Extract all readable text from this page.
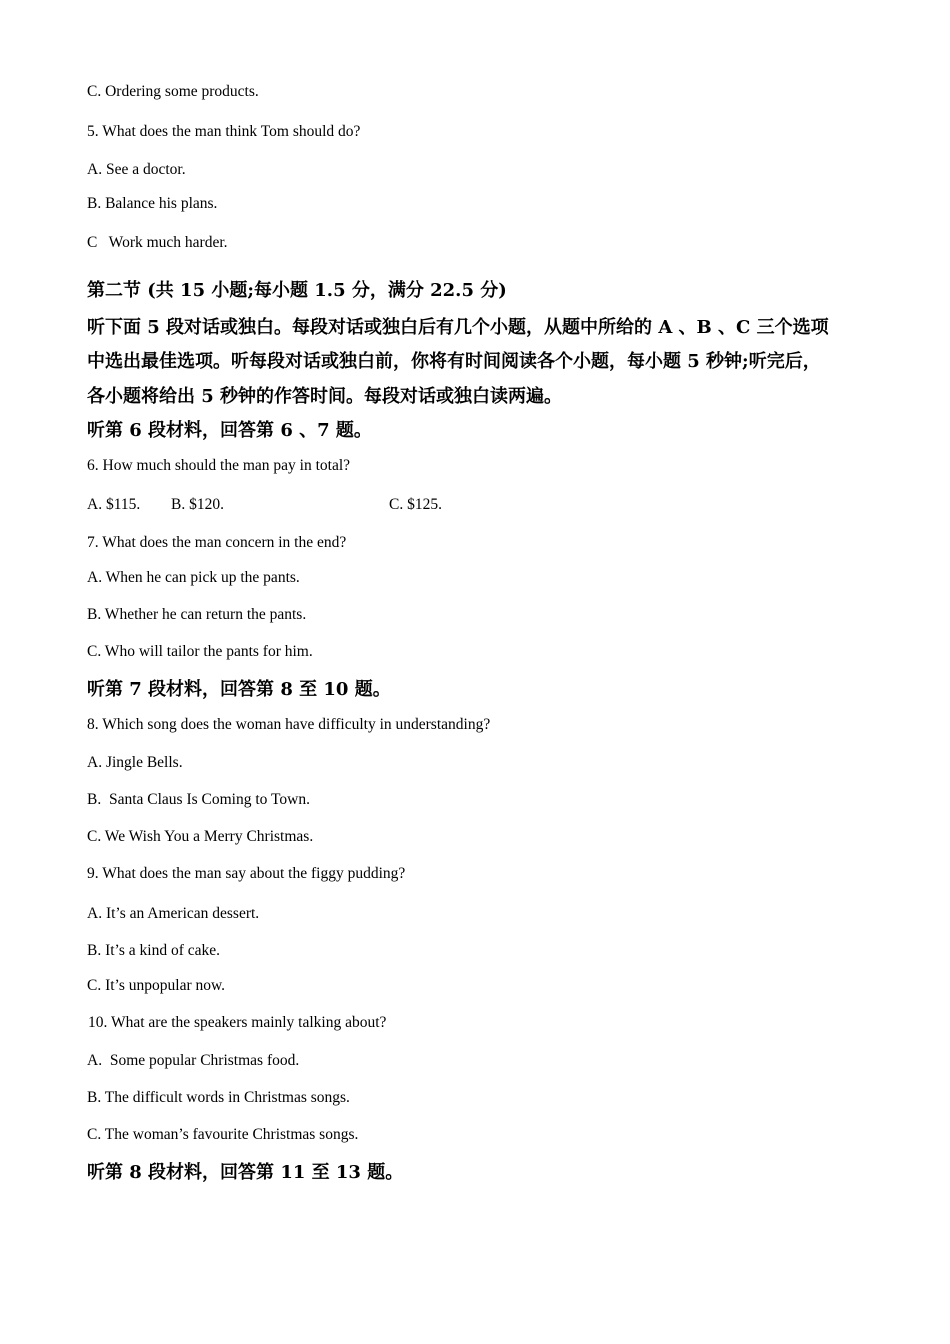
C. Ordering some products.
5. What does the man think Tom should do?
A. See a doctor.
B. Balance his plans.
C   Work much harder.
第二节 (共 15 小题;每小题 1.5 分，满分 22.5 分)
听下面 5 段对话或独白。每段对话或独白后有几个小题，从题中所给的 A 、B 、C 三个选项
中选出最佳选项。听每段对话或独白前，你将有时间阅读各个小题，每小题 5 秒钟;听完后，
各小题将给出 5 秒钟的作答时间。每段对话或独白读两遍。
听第 6 段材料，回答第 6 、7 题。
6. How much should the man pay in total?
A. $115. B. $120.	C. $125.
7. What does the man concern in the end?
A. When he can pick up the pants.
B. Whether he can return the pants.
C. Who will tailor the pants for him.
听第 7 段材料，回答第 8 至 10 题。
8. Which song does the woman have difficulty in understanding?
A. Jingle Bells.
B.  Santa Claus Is Coming to Town.
C. We Wish You a Merry Christmas.
9. What does the man say about the figgy pudding?
A. It’s an American dessert.
B. It’s a kind of cake.
C. It’s unpopular now.
10. What are the speakers mainly talking about?
A.  Some popular Christmas food.
B. The difficult words in Christmas songs.
C. The woman’s favourite Christmas songs.
听第 8 段材料，回答第 11 至 13 题。
